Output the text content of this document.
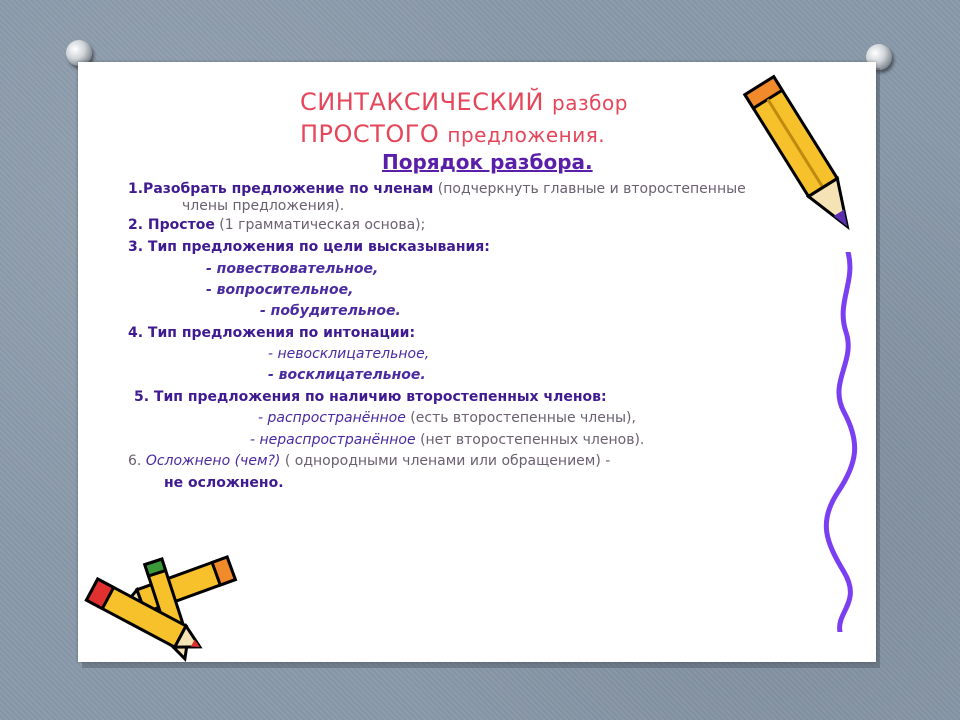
СИНТАКСИЧЕСКИЙ разбор
ПРОСТОГО предложения.
Порядок разбора.
1.Разобрать предложение по членам (подчеркнуть главные и второстепенные
члены предложения).
2. Простое (1 грамматическая основа);
3. Тип предложения по цели высказывания:
- повествовательное,
- вопросительное,
- побудительное.
4. Тип предложения по интонации:
- невосклицательное,
- восклицательное.
5. Тип предложения по наличию второстепенных членов:
- распространённое (есть второстепенные члены),
- нераспространённое (нет второстепенных членов).
6. Осложнено (чем?) ( однородными членами или обращением) -
не осложнено.
